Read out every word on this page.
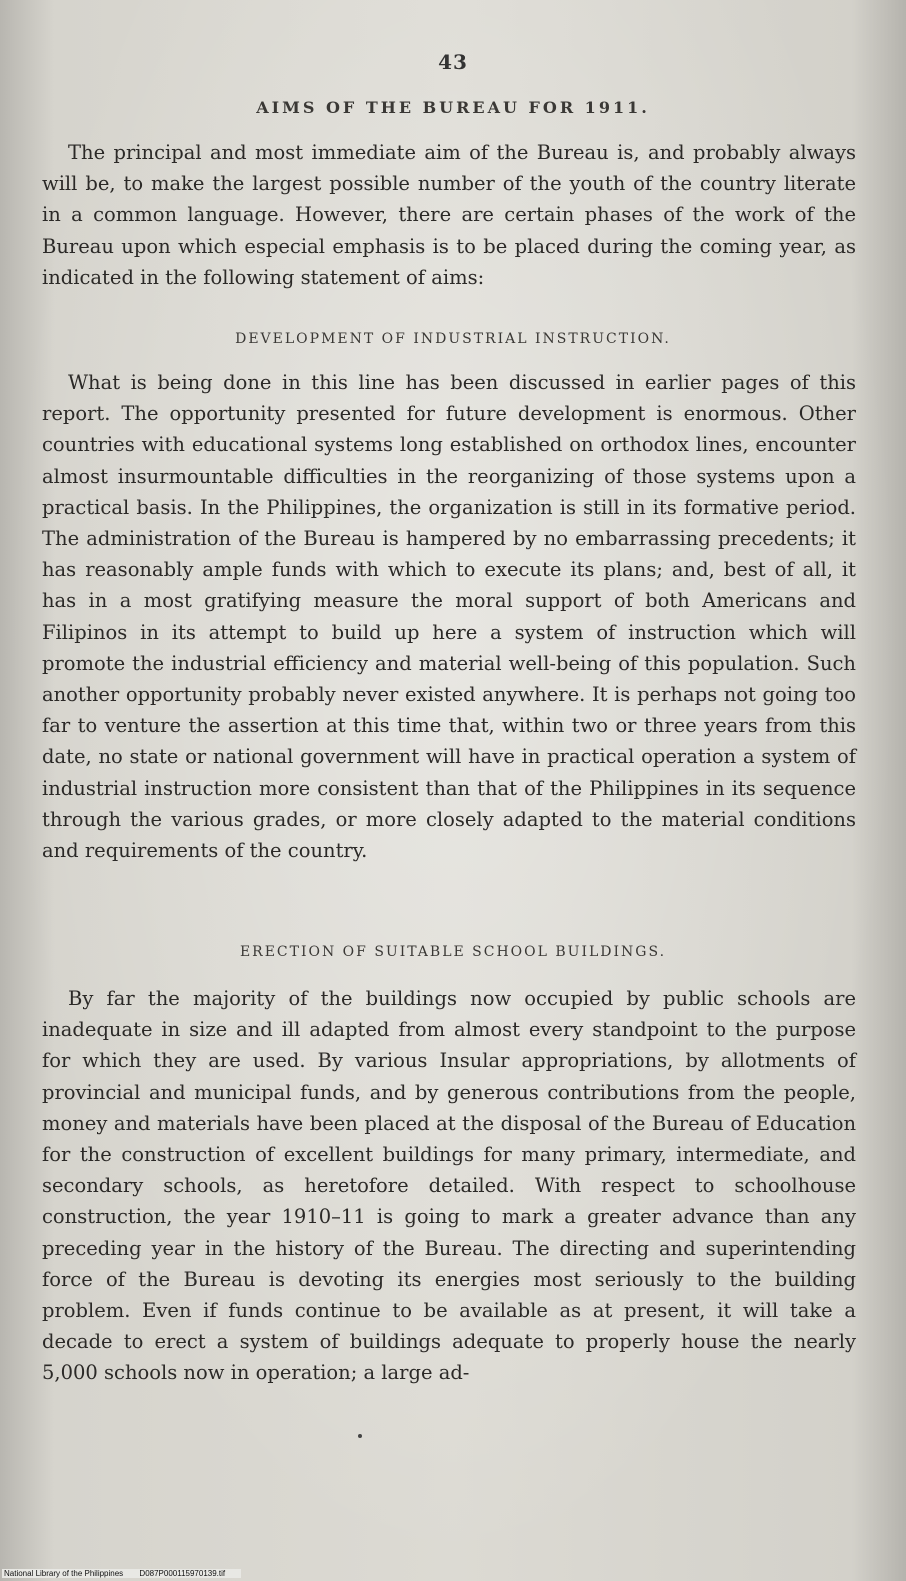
43
AIMS OF THE BUREAU FOR 1911.

The principal and most immediate aim of the Bureau is, and probably always will be, to make the largest possible number of the youth of the country literate in a common language. However, there are certain phases of the work of the Bureau upon which especial emphasis is to be placed during the coming year, as indicated in the following statement of aims:

DEVELOPMENT OF INDUSTRIAL INSTRUCTION.

What is being done in this line has been discussed in earlier pages of this report. The opportunity presented for future development is enormous. Other countries with educational systems long established on orthodox lines, encounter almost insurmountable difficulties in the reorganizing of those systems upon a practical basis. In the Philippines, the organization is still in its formative period. The administration of the Bureau is hampered by no embarrassing precedents; it has reasonably ample funds with which to execute its plans; and, best of all, it has in a most gratifying measure the moral support of both Americans and Filipinos in its attempt to build up here a system of instruction which will promote the industrial efficiency and material well-being of this population. Such another opportunity probably never existed anywhere. It is perhaps not going too far to venture the assertion at this time that, within two or three years from this date, no state or national government will have in practical operation a system of industrial instruction more consistent than that of the Philippines in its sequence through the various grades, or more closely adapted to the material conditions and requirements of the country.

ERECTION OF SUITABLE SCHOOL BUILDINGS.

By far the majority of the buildings now occupied by public schools are inadequate in size and ill adapted from almost every standpoint to the purpose for which they are used. By various Insular appropriations, by allotments of provincial and municipal funds, and by generous contributions from the people, money and materials have been placed at the disposal of the Bureau of Education for the construction of excellent buildings for many primary, intermediate, and secondary schools, as heretofore detailed. With respect to schoolhouse construction, the year 1910–11 is going to mark a greater advance than any preceding year in the history of the Bureau. The directing and superintending force of the Bureau is devoting its energies most seriously to the building problem. Even if funds continue to be available as at present, it will take a decade to erect a system of buildings adequate to properly house the nearly 5,000 schools now in operation; a large ad-

National Library of the Philippines D087P000115970139.tif
